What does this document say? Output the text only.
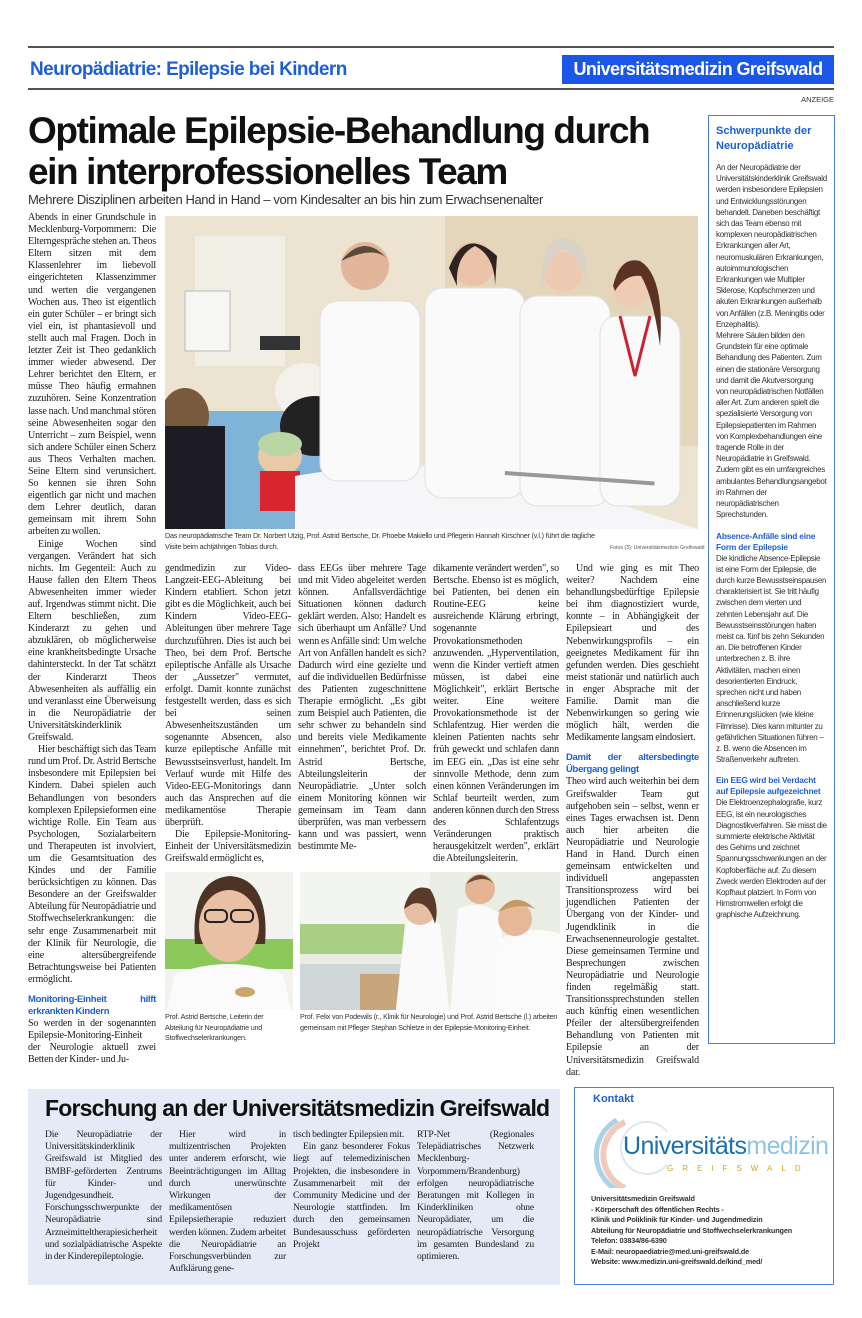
Neuropädiatrie: Epilepsie bei Kindern	Universitätsmedizin Greifswald
ANZEIGE
Optimale Epilepsie-Behandlung durch ein interprofessionelles Team
Mehrere Disziplinen arbeiten Hand in Hand – vom Kindesalter an bis hin zum Erwachsenenalter

Abends in einer Grundschule in Mecklenburg-Vorpommern: Die Elterngespräche stehen an. Theos Eltern sitzen mit dem Klassenlehrer im liebevoll eingerichteten Klassenzimmer und werten die vergangenen Wochen aus. Theo ist eigentlich ein guter Schüler – er bringt sich viel ein, ist phantasievoll und stellt auch mal Fragen. Doch in letzter Zeit ist Theo gedanklich immer wieder abwesend. Der Lehrer berichtet den Eltern, er müsse Theo häufig ermahnen zuzuhören. Seine Konzentration lasse nach. Und manchmal stören seine Abwesenheiten sogar den Unterricht – zum Beispiel, wenn sich andere Schüler einen Scherz aus Theos Verhalten machen. Seine Eltern sind verunsichert. So kennen sie ihren Sohn eigentlich gar nicht und machen dem Lehrer deutlich, daran gemeinsam mit ihrem Sohn arbeiten zu wollen.

Einige Wochen sind vergangen. Verändert hat sich nichts. Im Gegenteil: Auch zu Hause fallen den Eltern Theos Abwesenheiten immer wieder auf. Irgendwas stimmt nicht. Die Eltern beschließen, zum Kinderarzt zu gehen und abzuklären, ob möglicherweise eine krankheitsbedingte Ursache dahintersteckt. In der Tat schätzt der Kinderarzt Theos Abwesenheiten als auffällig ein und veranlasst eine Überweisung in die Neuropädiatrie der Universitätskinderklinik Greifswald.

Hier beschäftigt sich das Team rund um Prof. Dr. Astrid Bertsche insbesondere mit Epilepsien bei Kindern. Dabei spielen auch Behandlungen von besonders komplexen Epilepsieformen eine wichtige Rolle. Ein Team aus Psychologen, Sozialarbeitern und Therapeuten ist involviert, um die Gesamtsituation des Kindes und der Familie berücksichtigen zu können. Das Besondere an der Greifswalder Abteilung für Neuropädiatrie und Stoffwechselerkrankungen: die sehr enge Zusammenarbeit mit der Klinik für Neurologie, die eine altersübergreifende Betrachtungsweise bei Patienten ermöglicht.

Monitoring-Einheit hilft erkrankten Kindern

So werden in der sogenannten Epilepsie-Monitoring-Einheit der Neurologie aktuell zwei Betten der Kinder- und Ju-

Das neuropädiatrische Team Dr. Norbert Utzig, Prof. Astrid Bertsche, Dr. Phoebe Makiello und Pflegerin Hannah Kirschner (v.l.) führt die tägliche Visite beim achtjährigen Tobias durch.	Fotos (3): Universitätsmedizin Greifswald

gendmedizin zur Video-Langzeit-EEG-Ableitung bei Kindern etabliert. Schon jetzt gibt es die Möglichkeit, auch bei Kindern Video-EEG-Ableitungen über mehrere Tage durchzuführen. Dies ist auch bei Theo, bei dem Prof. Bertsche epileptische Anfälle als Ursache der „Aussetzer" vermutet, erfolgt. Damit konnte zunächst festgestellt werden, dass es sich bei seinen Abwesenheitszuständen um sogenannte Absencen, also kurze epileptische Anfälle mit Bewusstseinsverlust, handelt. Im Verlauf wurde mit Hilfe des Video-EEG-Monitorings dann auch das Ansprechen auf die medikamentöse Therapie überprüft.

Die Epilepsie-Monitoring-Einheit der Universitätsmedizin Greifswald ermöglicht es,

dass EEGs über mehrere Tage und mit Video abgeleitet werden können. Anfallsverdächtige Situationen können dadurch geklärt werden. Also: Handelt es sich überhaupt um Anfälle? Und wenn es Anfälle sind: Um welche Art von Anfällen handelt es sich? Dadurch wird eine gezielte und auf die individuellen Bedürfnisse des Patienten zugeschnittene Therapie ermöglicht. „Es gibt zum Beispiel auch Patienten, die sehr schwer zu behandeln sind und bereits viele Medikamente einnehmen", berichtet Prof. Dr. Astrid Bertsche, Abteilungsleiterin der Neuropädiatrie. „Unter solch einem Monitoring können wir gemeinsam im Team dann überprüfen, was man verbessern kann und was passiert, wenn bestimmte Me-

dikamente verändert werden", so Bertsche. Ebenso ist es möglich, bei Patienten, bei denen ein Routine-EEG keine ausreichende Klärung erbringt, sogenannte Provokationsmethoden anzuwenden. „Hyperventilation, wenn die Kinder vertieft atmen müssen, ist dabei eine Möglichkeit", erklärt Bertsche weiter. Eine weitere Provokationsmethode ist der Schlafentzug. Hier werden die kleinen Patienten nachts sehr früh geweckt und schlafen dann im EEG ein. „Das ist eine sehr sinnvolle Methode, denn zum einen können Veränderungen im Schlaf beurteilt werden, zum anderen können durch den Stress des Schlafentzugs Veränderungen praktisch herausgekitzelt werden", erklärt die Abteilungsleiterin.

Und wie ging es mit Theo weiter? Nachdem eine behandlungsbedürftige Epilepsie bei ihm diagnostiziert wurde, konnte – in Abhängigkeit der Epilepsieart und des Nebenwirkungsprofils – ein geeignetes Medikament für ihn gefunden werden. Dies geschieht meist stationär und natürlich auch in enger Absprache mit der Familie. Damit man die Nebenwirkungen so gering wie möglich hält, werden die Medikamente langsam eindosiert.

Damit der altersbedingte Übergang gelingt

Theo wird auch weiterhin bei dem Greifswalder Team gut aufgehoben sein – selbst, wenn er eines Tages erwachsen ist. Denn auch hier arbeiten die Neuropädiatrie und Neurologie Hand in Hand. Durch einen gemeinsam entwickelten und individuell angepassten Transitionsprozess wird bei jugendlichen Patienten der Übergang von der Kinder- und Jugendklinik in die Erwachsenenneurologie gestaltet. Diese gemeinsamen Termine und Besprechungen zwischen Neuropädiatrie und Neurologie finden regelmäßig statt. Transitionssprechstunden stellen auch künftig einen wesentlichen Pfeiler der altersübergreifenden Behandlung von Patienten mit Epilepsie an der Universitätsmedizin Greifswald dar.

Prof. Astrid Bertsche, Leiterin der Abteilung für Neuropädiatrie und Stoffwechselerkrankungen.
Prof. Felix von Podewils (r., Klinik für Neurologie) und Prof. Astrid Bertsche (l.) arbeiten gemeinsam mit Pfleger Stephan Schletze in der Epilepsie-Monitoring-Einheit.
Schwerpunkte der Neuropädiatrie

An der Neuropädiatrie der Universitätskinderklinik Greifswald werden insbesondere Epilepsien und Entwicklungsstörungen behandelt. Daneben beschäftigt sich das Team ebenso mit komplexen neuropädiatrischen Erkrankungen aller Art, neuromuskulären Erkrankungen, autoimmunologischen Erkrankungen wie Multipler Sklerose, Kopfschmerzen und akuten Erkrankungen außerhalb von Anfällen (z.B. Meningitis oder Enzephalitis).

Mehrere Säulen bilden den Grundstein für eine optimale Behandlung des Patienten. Zum einen die stationäre Versorgung und damit die Akutversorgung von neuropädiatrischen Notfällen aller Art. Zum anderen spielt die spezialisierte Versorgung von Epilepsiepatienten im Rahmen von Komplexbehandlungen eine tragende Rolle in der Neuropädiatrie in Greifswald. Zudem gibt es ein umfangreiches ambulantes Behandlungsangebot im Rahmen der neuropädiatrischen Sprechstunden.

Absence-Anfälle sind eine Form der Epilepsie

Die kindliche Absence-Epilepsie ist eine Form der Epilepsie, die durch kurze Bewusstseinspausen charakterisiert ist. Sie tritt häufig zwischen dem vierten und zehnten Lebensjahr auf. Die Bewusstseinsstörungen halten meist ca. fünf bis zehn Sekunden an. Die betroffenen Kinder unterbrechen z. B. ihre Aktivitäten, machen einen desorientierten Eindruck, sprechen nicht und haben anschließend kurze Erinnerungslücken (wie kleine Filmrisse). Dies kann mitunter zu gefährlichen Situationen führen – z. B. wenn die Absencen im Straßenverkehr auftreten.

Ein EEG wird bei Verdacht auf Epilepsie aufgezeichnet

Die Elektroenzephalografie, kurz EEG, ist ein neurologisches Diagnostikverfahren. Sie misst die summierte elektrische Aktivität des Gehirns und zeichnet Spannungsschwankungen an der Kopfoberfläche auf. Zu diesem Zweck werden Elektroden auf der Kopfhaut platziert. In Form von Hirnstromwellen erfolgt die graphische Aufzeichnung.

Forschung an der Universitätsmedizin Greifswald

Die Neuropädiatrie der Universitätskinderklinik Greifswald ist Mitglied des BMBF-geförderten Zentrums für Kinder- und Jugendgesundheit. Forschungsschwerpunkte der Neuropädiatrie sind Arzneimitteltherapiesicherheit und sozialpädiatrische Aspekte in der Kinderepileptologie.

Hier wird in multizentrischen Projekten unter anderem erforscht, wie Beeinträchtigungen im Alltag durch unerwünschte Wirkungen der medikamentösen Epilepsietherapie reduziert werden können. Zudem arbeitet die Neuropädiatrie an Forschungsverbünden zur Aufklärung gene-

tisch bedingter Epilepsien mit.

Ein ganz besonderer Fokus liegt auf telemedizinischen Projekten, die insbesondere in Zusammenarbeit mit der Community Medicine und der Neurologie stattfinden. Im durch den gemeinsamen Bundesausschuss geförderten Projekt

RTP-Net (Regionales Telepädiatrisches Netzwerk Mecklenburg-Vorpommern/Brandenburg) erfolgen neuropädiatrische Beratungen mit Kollegen in Kinderkliniken ohne Neuropädiater, um die neuropädiatrische Versorgung im gesamten Bundesland zu optimieren.

Kontakt
Universitätsmedizin
GREIFSWALD
Universitätsmedizin Greifswald
- Körperschaft des öffentlichen Rechts -
Klinik und Poliklinik für Kinder- und Jugendmedizin
Abteilung für Neuropädiatrie und Stoffwechselerkrankungen
Telefon: 03834/86-6390
E-Mail: neuropaediatrie@med.uni-greifswald.de
Website: www.medizin.uni-greifswald.de/kind_med/
